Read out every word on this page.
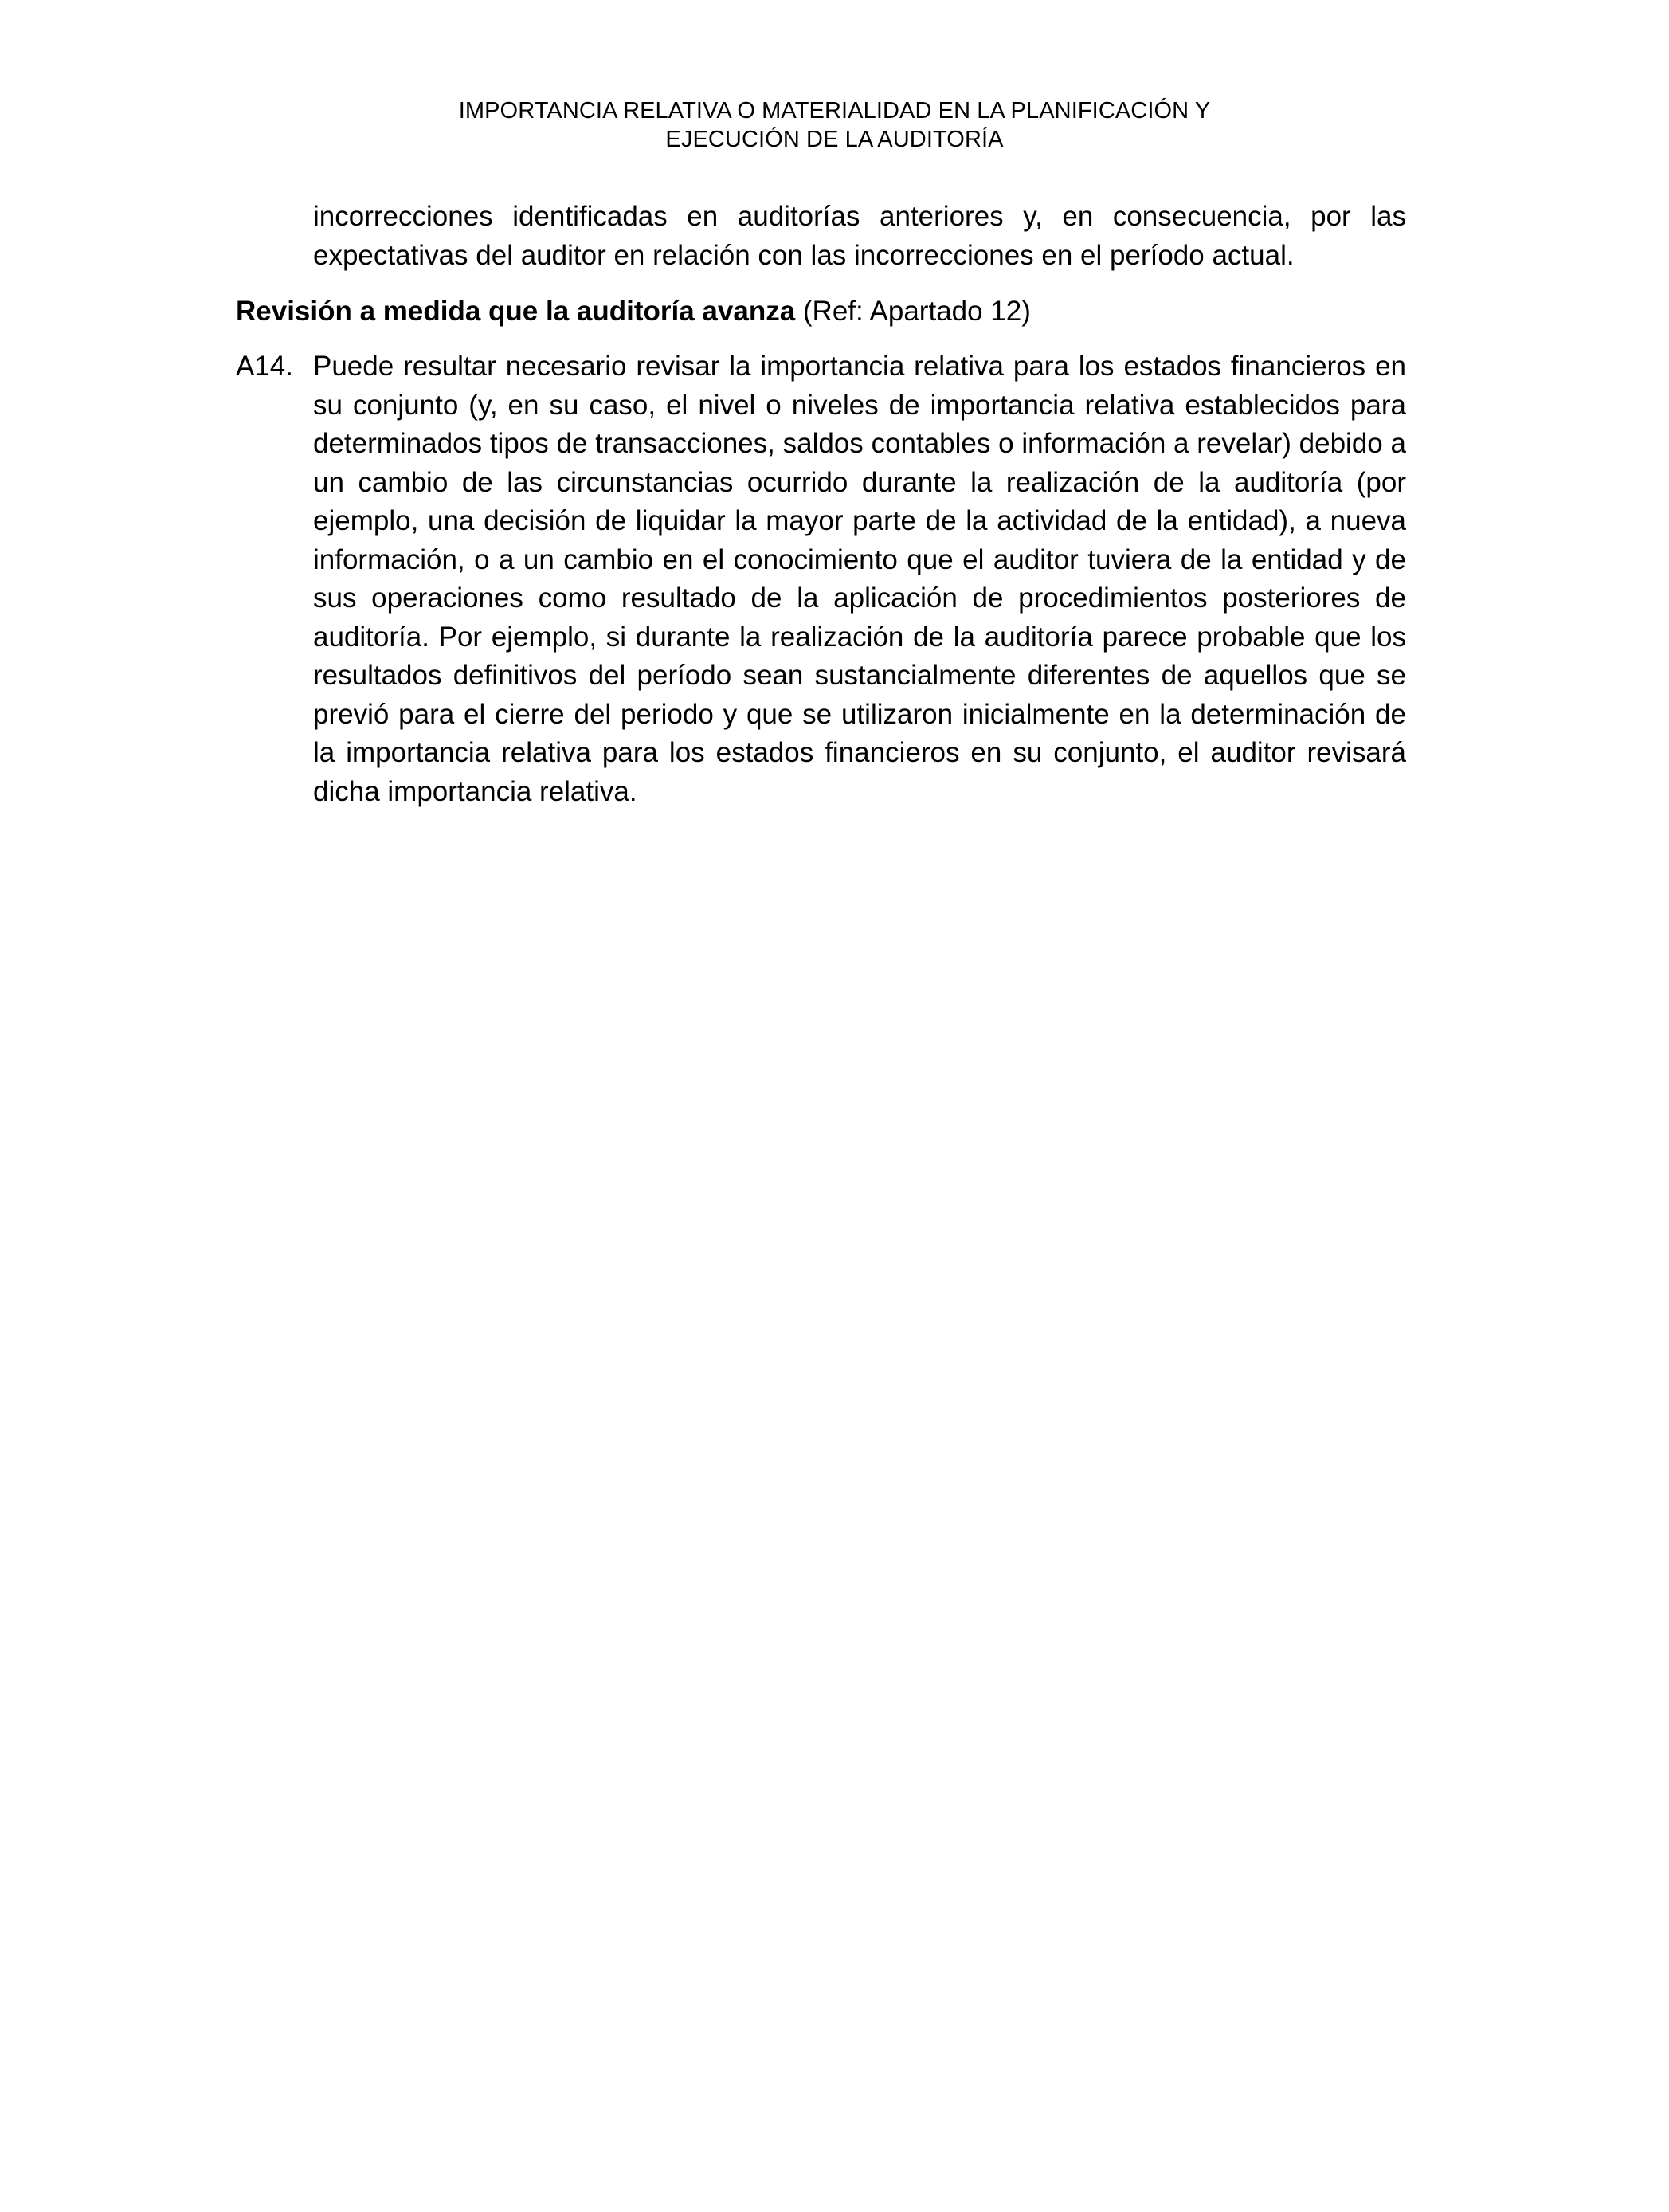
IMPORTANCIA RELATIVA O MATERIALIDAD EN LA PLANIFICACIÓN Y
EJECUCIÓN DE LA AUDITORÍA
incorrecciones identificadas en auditorías anteriores y, en consecuencia, por las expectativas del auditor en relación con las incorrecciones en el período actual.
Revisión a medida que la auditoría avanza (Ref: Apartado 12)
A14. Puede resultar necesario revisar la importancia relativa para los estados financieros en su conjunto (y, en su caso, el nivel o niveles de importancia relativa establecidos para determinados tipos de transacciones, saldos contables o información a revelar) debido a un cambio de las circunstancias ocurrido durante la realización de la auditoría (por ejemplo, una decisión de liquidar la mayor parte de la actividad de la entidad), a nueva información, o a un cambio en el conocimiento que el auditor tuviera de la entidad y de sus operaciones como resultado de la aplicación de procedimientos posteriores de auditoría. Por ejemplo, si durante la realización de la auditoría parece probable que los resultados definitivos del período sean sustancialmente diferentes de aquellos que se previó para el cierre del periodo y que se utilizaron inicialmente en la determinación de la importancia relativa para los estados financieros en su conjunto, el auditor revisará dicha importancia relativa.
